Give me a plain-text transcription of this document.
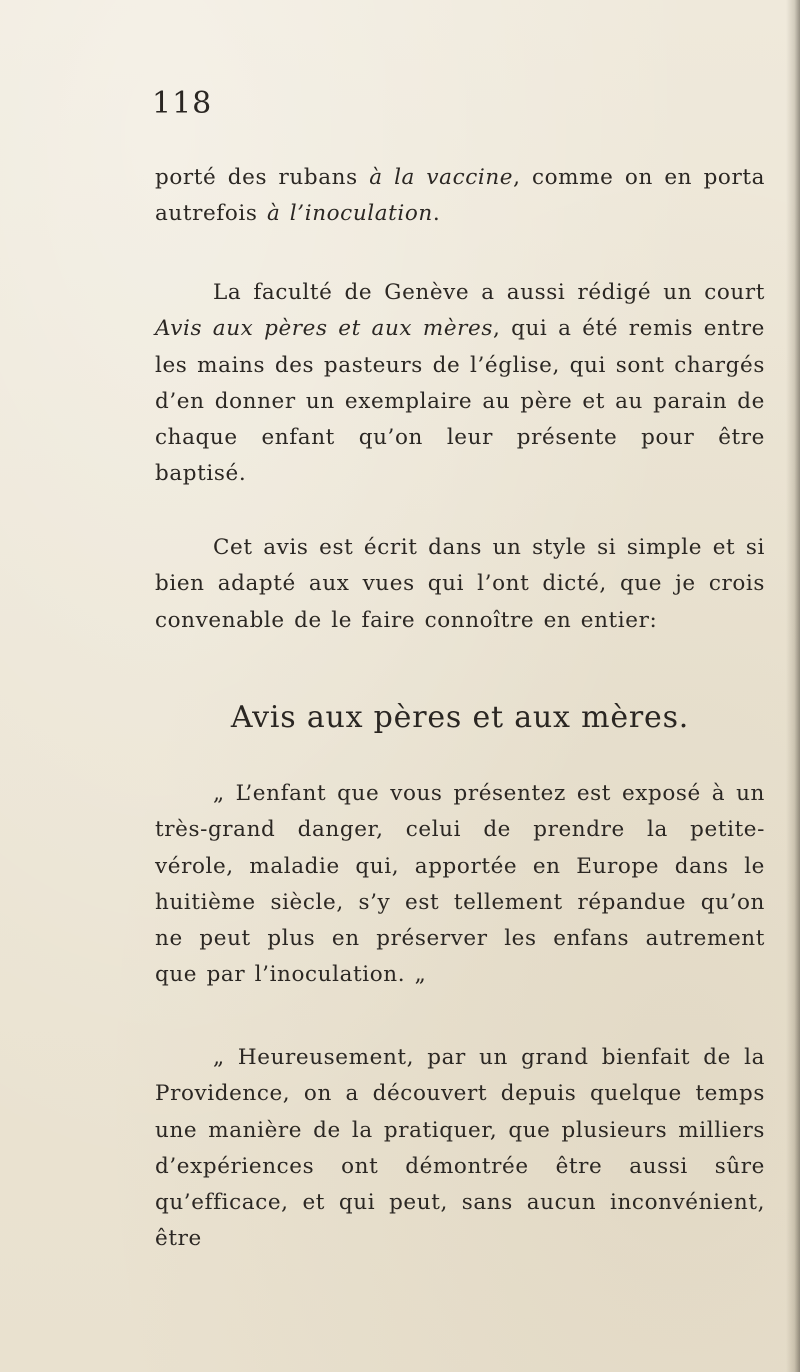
118

porté des rubans à la vaccine, comme on en porta autrefois à l’inoculation.

La faculté de Genève a aussi rédigé un court Avis aux pères et aux mères, qui a été remis entre les mains des pasteurs de l’église, qui sont chargés d’en donner un exemplaire au père et au parain de chaque enfant qu’on leur présente pour être baptisé.

Cet avis est écrit dans un style si simple et si bien adapté aux vues qui l’ont dicté, que je crois convenable de le faire connoître en entier:

Avis aux pères et aux mères.

„ L’enfant que vous présentez est exposé à un très-grand danger, celui de prendre la petite-vérole, maladie qui, apportée en Europe dans le huitième siècle, s’y est tellement répandue qu’on ne peut plus en préserver les enfans autrement que par l’inoculation. „

„ Heureusement, par un grand bienfait de la Providence, on a découvert depuis quelque temps une manière de la pratiquer, que plusieurs milliers d’expériences ont démontrée être aussi sûre qu’efficace, et qui peut, sans aucun inconvénient, être
